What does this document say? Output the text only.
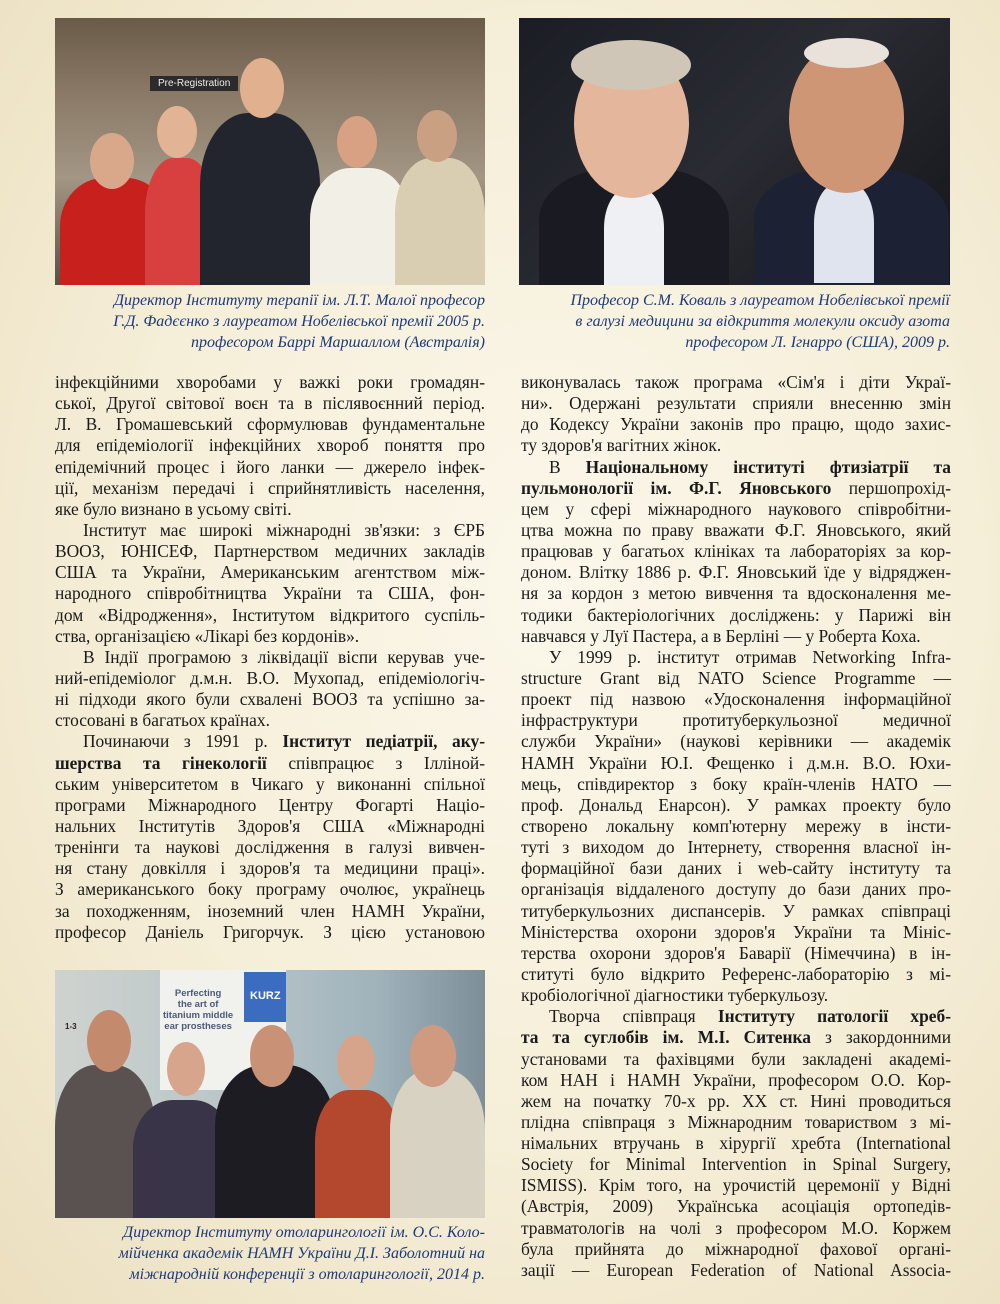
Pre-Registration
Директор Інституту терапії ім. Л.Т. Малої професор
Г.Д. Фадєєнко з лауреатом Нобелівської премії 2005 р.
професором Баррі Маршаллом (Австралія)
Професор С.М. Коваль з лауреатом Нобелівської премії
в галузі медицини за відкриття молекули оксиду азота
професором Л. Ігнарро (США), 2009 р.
Perfecting
the art of
titanium middle
ear prostheses
KURZ
1-3
Директор Інституту отоларингології ім. О.С. Коло-
мійченка академік НАМН України Д.І. Заболотний на
міжнародній конференції з отоларингології, 2014 р.
інфекційними хворобами у важкі роки громадян-
ської, Другої світової воєн та в післявоєнний період.
Л. В. Громашевський сформулював фундаментальне
для епідеміології інфекційних хвороб поняття про
епідемічний процес і його ланки — джерело інфек-
ції, механізм передачі і сприйнятливість населення,
яке було визнано в усьому світі.
Інститут має широкі міжнародні зв'язки: з ЄРБ
ВООЗ, ЮНІСЕФ, Партнерством медичних закладів
США та України, Американським агентством між-
народного співробітництва України та США, фон-
дом «Відродження», Інститутом відкритого суспіль-
ства, організацією «Лікарі без кордонів».
В Індії програмою з ліквідації віспи керував уче-
ний-епідеміолог д.м.н. В.О. Мухопад, епідеміологіч-
ні підходи якого були схвалені ВООЗ та успішно за-
стосовані в багатьох країнах.
Починаючи з 1991 р. Інститут педіатрії, аку-
шерства та гінекології співпрацює з Ілліной-
ським університетом в Чикаго у виконанні спільної
програми Міжнародного Центру Фогарті Націо-
нальних Інститутів Здоров'я США «Міжнародні
тренінги та наукові дослідження в галузі вивчен-
ня стану довкілля і здоров'я та медицини праці».
З американського боку програму очолює, українець
за походженням, іноземний член НАМН України,
професор Даніель Григорчук. З цією установою
виконувалась також програма «Сім'я і діти Украї-
ни». Одержані результати сприяли внесенню змін
до Кодексу України законів про працю, щодо захис-
ту здоров'я вагітних жінок.
В Національному інституті фтизіатрії та
пульмонології ім. Ф.Г. Яновського першопрохід-
цем у сфері міжнародного наукового співробітни-
цтва можна по праву вважати Ф.Г. Яновського, який
працював у багатьох клініках та лабораторіях за кор-
доном. Влітку 1886 р. Ф.Г. Яновський їде у відряджен-
ня за кордон з метою вивчення та вдосконалення ме-
тодики бактеріологічних досліджень: у Парижі він
навчався у Луї Пастера, а в Берліні — у Роберта Коха.
У 1999 р. інститут отримав Networking Infra-
structure Grant від NATO Science Programme —
проект під назвою «Удосконалення інформаційної
інфраструктури протитуберкульозної медичної
служби України» (наукові керівники — академік
НАМН України Ю.І. Фещенко і д.м.н. В.О. Юхи-
мець, співдиректор з боку країн-членів НАТО —
проф. Дональд Енарсон). У рамках проекту було
створено локальну комп'ютерну мережу в інсти-
туті з виходом до Інтернету, створення власної ін-
формаційної бази даних і web-сайту інституту та
організація віддаленого доступу до бази даних про-
титуберкульозних диспансерів. У рамках співпраці
Міністерства охорони здоров'я України та Мініс-
терства охорони здоров'я Баварії (Німеччина) в ін-
ституті було відкрито Референс-лабораторію з мі-
кробіологічної діагностики туберкульозу.
Творча співпраця Інституту патології хреб-
та та суглобів ім. М.І. Ситенка з закордонними
установами та фахівцями були закладені академі-
ком НАН і НАМН України, професором О.О. Кор-
жем на початку 70-х рр. XX ст. Нині проводиться
плідна співпраця з Міжнародним товариством з мі-
німальних втручань в хірургії хребта (International
Society for Minimal Intervention in Spinal Surgery,
ISMISS). Крім того, на урочистій церемонії у Відні
(Австрія, 2009) Українська асоціація ортопедів-
травматологів на чолі з професором М.О. Коржем
була прийнята до міжнародної фахової органі-
зації — European Federation of National Associa-
